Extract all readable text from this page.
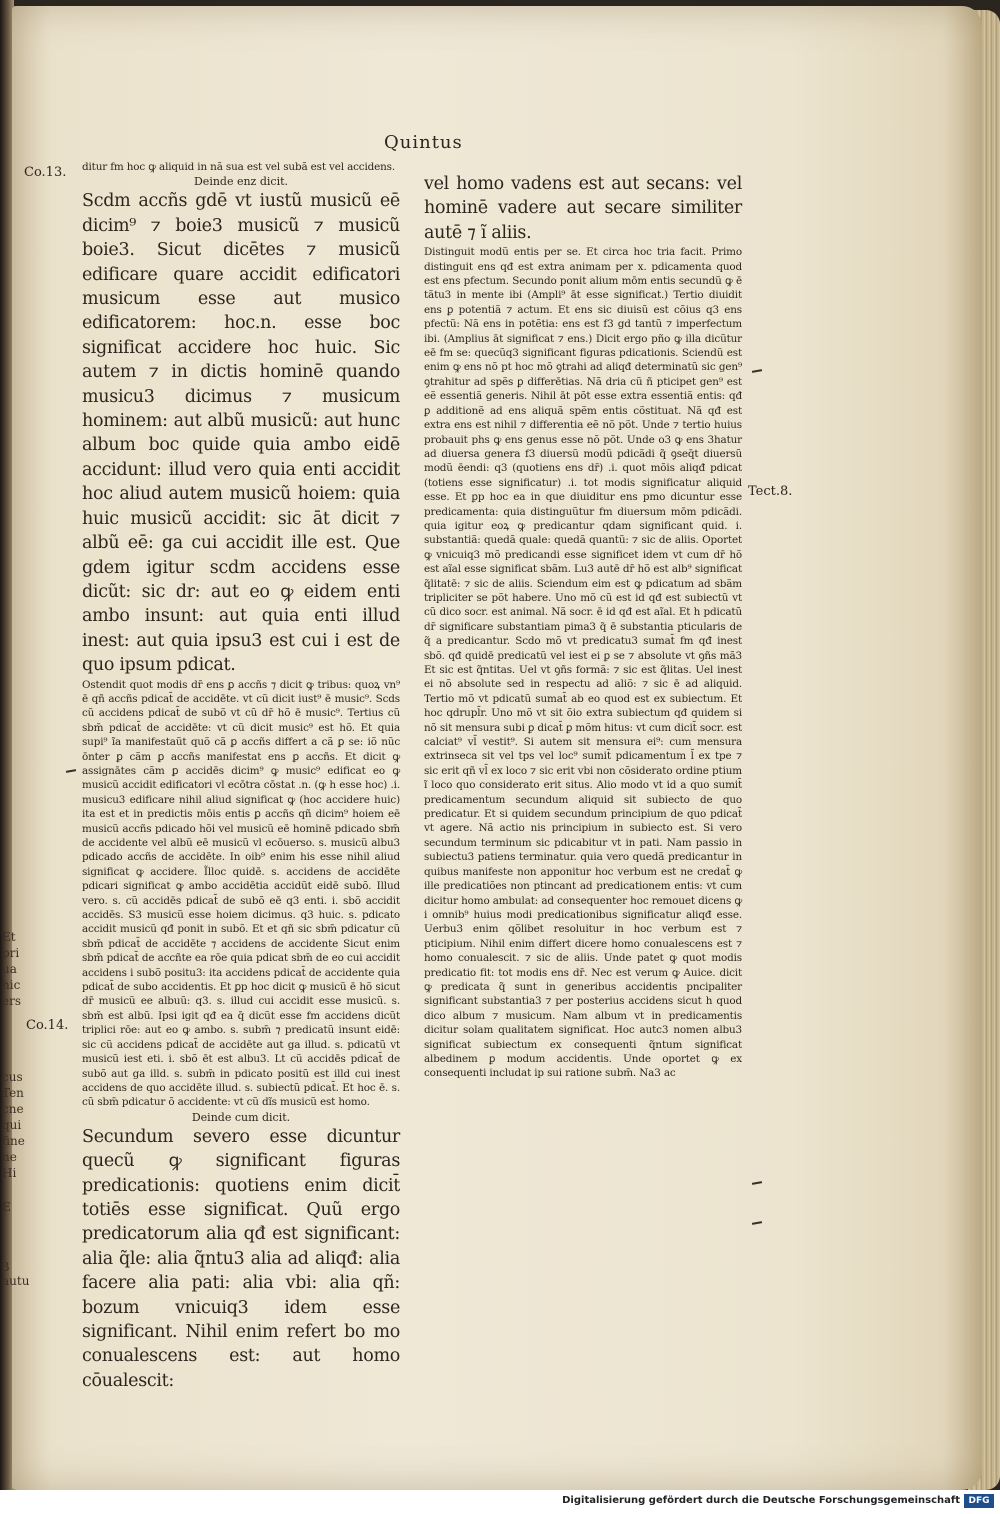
Et
pri
ua
hic
ers
cus
Ten
cne
qui
fine
ne
Hi
E
3 autu
Quintus
Co.13.
Co.14.
Tect.8.

ditur fm hoc ꝙ aliquid in nã sua est vel subã est vel accidens.

Deinde enz dicit.

Scdm accñs gdē vt iustũ musicũ eē dicim⁹ ⁊ boie3 musicũ ⁊ musicũ boie3. Sicut dicētes ⁊ musicũ edificare quare accidit edificatori musicum esse aut musico edificatorem: hoc.n. esse boc significat accidere hoc huic. Sic autem ⁊ in dictis hominē quando musicu3 dicimus ⁊ musicum hominem: aut albũ musicũ: aut hunc album boc quide quia ambo eidē accidunt: illud vero quia enti accidit hoc aliud autem musicũ hoiem: quia huic musicũ accidit: sic āt dicit ⁊ albũ eē: ga cui accidit ille est. Que gdem igitur scdm accidens esse dicũt: sic dr: aut eo ꝙ eidem enti ambo insunt: aut quia enti illud inest: aut quia ipsu3 est cui i est de quo ipsum pdicat.

Ostendit quot modis dr̄ ens ꝑ accñs ⁊ dicit ꝙ tribus: quoꝝ vn⁹ ē qñ accñs pdicat̄ de accidēte. vt cũ dicit iust⁹ ē music⁹. Scds cũ accidens pdicat̄ de subõ vt cũ dr̄ hõ ē music⁹. Tertius cũ sbm̄ pdicat̄ de accidēte: vt cũ dicit music⁹ est hõ. Et quia supi⁹ ĩa manifestaũt quõ cã ꝑ accñs differt a cã ꝑ se: iõ nũc ōnter ꝑ cãm ꝑ accñs manifestat ens ꝑ accñs. Et dicit ꝙ assignātes cãm ꝑ accidēs dicim⁹ ꝙ music⁹ edificat eo ꝙ musicũ accidit edificatori vl ecōtra cōstat .n. (ꝙ h esse hoc) .i. musicu3 edificare nihil aliud significat ꝙ (hoc accidere huic) ita est et in predictis mōis entis ꝑ accñs qñ dicim⁹ hoiem eē musicũ accñs pdicado hõi vel musicũ eē hominē pdicado sbm̄ de accidente vel albũ eē musicũ vl ecōuerso. s. musicũ albu3 pdicado accñs de accidēte. In oib⁹ enim his esse nihil aliud significat ꝙ accidere. Ĩlloc quidē. s. accidens de accidēte pdicari significat ꝙ ambo accidētia accidũt eidē subõ. Illud vero. s. cũ accidēs pdicat̄ de subõ eē q3 enti. i. sbõ accidit accidēs. S3 musicũ esse hoiem dicimus. q3 huic. s. pdicato accidit musicũ qđ ponit in subõ. Et et qñ sic sbm̄ pdicatur cũ sbm̄ pdicat̄ de accidēte ⁊ accidens de accidente Sicut enim sbm̄ pdicat̄ de accñte ea rōe quia pdicat sbm̄ de eo cui accidit accidens i subõ positu3: ita accidens pdicat̄ de accidente quia pdicat̄ de subo accidentis. Et ꝑp hoc dicit ꝙ musicũ ē hõ sicut dr̄ musicũ ee albuũ: q3. s. illud cui accidit esse musicũ. s. sbm̄ est albũ. Ipsi igit qđ ea q̄ dicũt esse fm accidens dicũt triplici rōe: aut eo ꝙ ambo. s. subm̄ ⁊ predicatũ insunt eidē: sic cũ accidens pdicat̄ de accidēte aut ga illud. s. pdicatũ vt musicũ iest eti. i. sbõ ēt est albu3. Lt cũ accidēs pdicat̄ de subõ aut ga illd. s. subm̄ in pdicato positũ est illd cui inest accidens de quo accidēte illud. s. subiectũ pdicat̄. Et hoc ē. s. cũ sbm̄ pdicatur õ accidente: vt cũ dĩs musicũ est homo.

Deinde cum dicit.

Secundum severo esse dicuntur quecũ ꝙ significant figuras predicationis: quotiens enim dicit̄ totiēs esse significat. Quũ ergo predicatorum alia qđ est significant: alia q̃le: alia q̃ntu3 alia ad aliqđ: alia facere alia pati: alia vbi: alia qñ: bozum vnicuiq3 idem esse significant. Nihil enim refert bo mo conualescens est: aut homo cōualescit:

vel homo vadens est aut secans: vel hominē vadere aut secare similiter autē ⁊ ĩ aliis.

Distinguit modũ entis per se. Et circa hoc tria facit. Primo distinguit ens qđ est extra animam per x. pdicamenta quod est ens pfectum. Secundo ponit alium mōm entis secundũ ꝙ ē tãtu3 in mente ibi (Ampli⁹ āt esse significat.) Tertio diuidit ens ꝑ potentiã ⁊ actum. Et ens sic diuisũ est cõius q3 ens pfectũ: Nã ens in potẽtia: ens est f3 gd tantũ ⁊ imperfectum ibi. (Amplius āt significat ⁊ ens.) Dicit ergo pño ꝙ illa dicũtur eē fm se: quecũq3 significant figuras pdicationis. Sciendũ est enim ꝙ ens nõ pt hoc mõ ꝯtrahi ad aliqđ determinatũ sic gen⁹ ꝯtrahitur ad spẽs ꝑ differētias. Nã dria cũ ñ pticipet gen⁹ est eẽ essentiã generis. Nihil āt põt esse extra essentiã entis: qđ ꝑ additionẽ ad ens aliquã spẽm entis cõstituat. Nã qđ est extra ens est nihil ⁊ differentia eẽ nõ põt. Unde ⁊ tertio huius probauit phs ꝙ ens genus esse nõ põt. Unde o3 ꝙ ens 3hatur ad diuersa genera f3 diuersũ modũ pdicãdi q̃ ꝯseq̄t diuersũ modũ ēendi: q3 (quotiens ens dr̄) .i. quot mõis aliqđ pdicat (totiens esse significatur) .i. tot modis significatur aliquid esse. Et ꝑp hoc ea in que diuiditur ens pmo dicuntur esse predicamenta: quia distinguũtur fm diuersum mōm pdicãdi. quia igitur eoꝝ ꝙ predicantur qdam significant quid. i. substantiã: quedã quale: quedã quantũ: ⁊ sic de aliis. Oportet ꝙ vnicuiq3 mõ predicandi esse significet idem vt cum dr̄ hõ est aĩal esse significat sbãm. Lu3 autē dr̄ hõ est alb⁹ significat q̃litatē: ⁊ sic de aliis. Sciendum eim est ꝙ pdicatum ad sbãm tripliciter se põt habere. Uno mõ cũ est id qđ est subiectũ vt cũ dico socr. est animal. Nã socr. ē id qđ est aĩal. Et h pdicatũ dr̄ significare substantiam pima3 q̃ ē substantia pticularis de q̃ a predicantur. Scdo mõ vt predicatu3 sumat̄ fm qđ inest sbõ. qđ quidē predicatũ vel iest ei ꝑ se ⁊ absolute vt ꝯñs mã3 Et sic est q̃ntitas. Uel vt ꝯñs formã: ⁊ sic est q̃litas. Uel inest ei nõ absolute sed in respectu ad aliõ: ⁊ sic ē ad aliquid. Tertio mõ vt pdicatũ sumat̄ ab eo quod est ex subiectum. Et hoc qdrupl̄r. Uno mõ vt sit õio extra subiectum qđ quidem si nõ sit mensura subi ꝑ dicat̄ ꝑ mõm hitus: vt cum dicit̄ socr. est calciat⁹ vl̄ vestit⁹. Si autem sit mensura ei⁹: cum mensura extrinseca sit vel tps vel loc⁹ sumit̄ pdicamentum l̄ ex tpe ⁊ sic erit qñ vl̄ ex loco ⁊ sic erit vbi non cõsiderato ordine ptium ĩ loco quo considerato erit situs. Alio modo vt id a quo sumit̄ predicamentum secundum aliquid sit subiecto de quo predicatur. Et si quidem secundum principium de quo pdicat̄ vt agere. Nã actio nis principium in subiecto est. Si vero secundum terminum sic pdicabitur vt in pati. Nam passio in subiectu3 patiens terminatur. quia vero quedã predicantur in quibus manifeste non apponitur hoc verbum est ne credat̄ ꝙ ille predicatiões non ptincant ad predicationem entis: vt cum dicitur homo ambulat: ad consequenter hoc remouet dicens ꝙ i omnib⁹ huius modi predicationibus significatur aliqđ esse. Uerbu3 enim qõlibet resoluitur in hoc verbum est ⁊ pticipium. Nihil enim differt dicere homo conualescens est ⁊ homo conualescit. ⁊ sic de aliis. Unde patet ꝙ quot modis predicatio fit: tot modis ens dr̄. Nec est verum ꝙ Auice. dicit ꝙ predicata q̃ sunt in generibus accidentis pncipaliter significant substantia3 ⁊ per posterius accidens sicut h quod dico album ⁊ musicum. Nam album vt in predicamentis dicitur solam qualitatem significat. Hoc autc3 nomen albu3 significat subiectum ex consequenti q̃ntum significat albedinem ꝑ modum accidentis. Unde oportet ꝙ ex consequenti includat ip sui ratione subm̄. Na3 ac

Digitalisierung gefördert durch die Deutsche Forschungsgemeinschaft DFG
